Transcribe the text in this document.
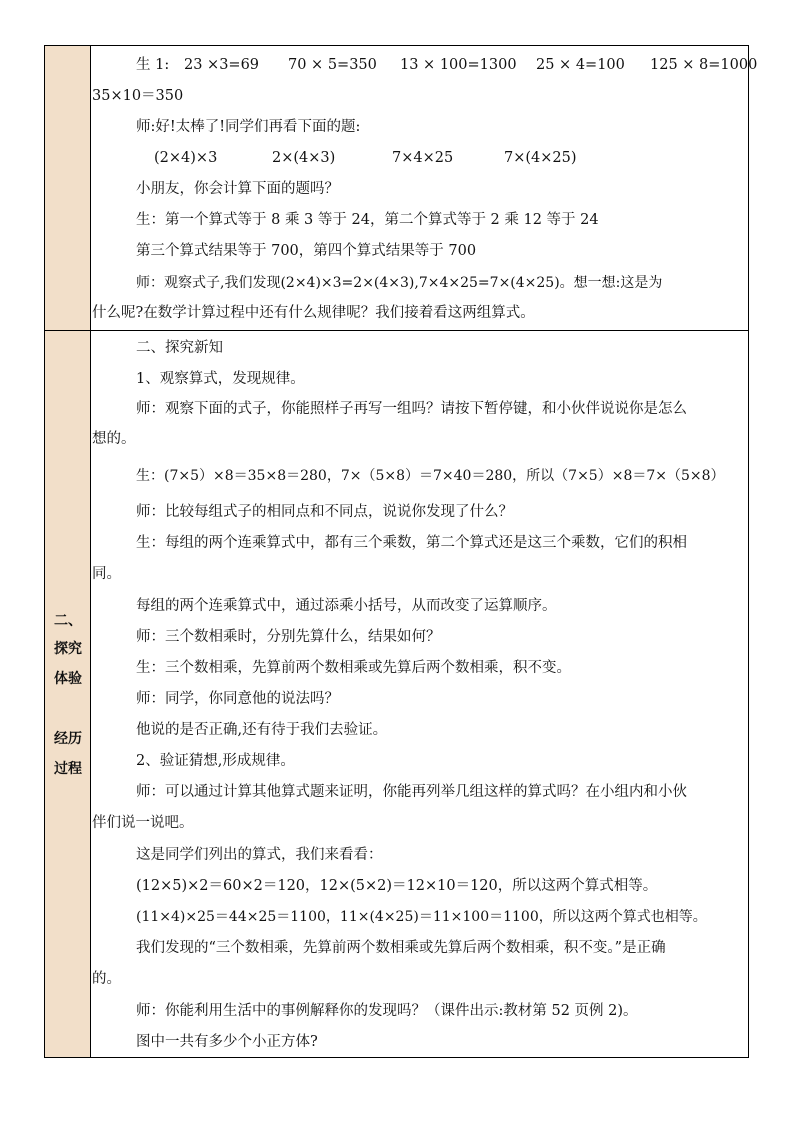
二、
探究
体验
经历
过程
生 1: 23 ×3=69 70 × 5=350 13 × 100=1300 25 × 4=100 125 × 8=1000
35×10＝350
师:好!太棒了!同学们再看下面的题:
(2×4)×3	2×(4×3)	7×4×25	7×(4×25)
小朋友，你会计算下面的题吗？
生：第一个算式等于 8 乘 3 等于 24，第二个算式等于 2 乘 12 等于 24
第三个算式结果等于 700，第四个算式结果等于 700
师：观察式子,我们发现(2×4)×3=2×(4×3),7×4×25=7×(4×25)。想一想:这是为
什么呢?在数学计算过程中还有什么规律呢？我们接着看这两组算式。
二、探究新知
1、观察算式，发现规律。
师：观察下面的式子，你能照样子再写一组吗？请按下暂停键，和小伙伴说说你是怎么
想的。
生：(7×5）×8＝35×8＝280，7×（5×8）＝7×40＝280，所以（7×5）×8＝7×（5×8）
师：比较每组式子的相同点和不同点，说说你发现了什么？
生：每组的两个连乘算式中，都有三个乘数，第二个算式还是这三个乘数，它们的积相
同。
每组的两个连乘算式中，通过添乘小括号，从而改变了运算顺序。
师：三个数相乘时，分别先算什么，结果如何？
生：三个数相乘，先算前两个数相乘或先算后两个数相乘，积不变。
师：同学，你同意他的说法吗？
他说的是否正确,还有待于我们去验证。
2、验证猜想,形成规律。
师：可以通过计算其他算式题来证明，你能再列举几组这样的算式吗？在小组内和小伙
伴们说一说吧。
这是同学们列出的算式，我们来看看：
(12×5)×2＝60×2＝120，12×(5×2)＝12×10＝120，所以这两个算式相等。
(11×4)×25＝44×25＝1100，11×(4×25)＝11×100＝1100，所以这两个算式也相等。
我们发现的“三个数相乘，先算前两个数相乘或先算后两个数相乘，积不变。”是正确
的。
师：你能利用生活中的事例解释你的发现吗？（课件出示:教材第 52 页例 2)。
图中一共有多少个小正方体?
